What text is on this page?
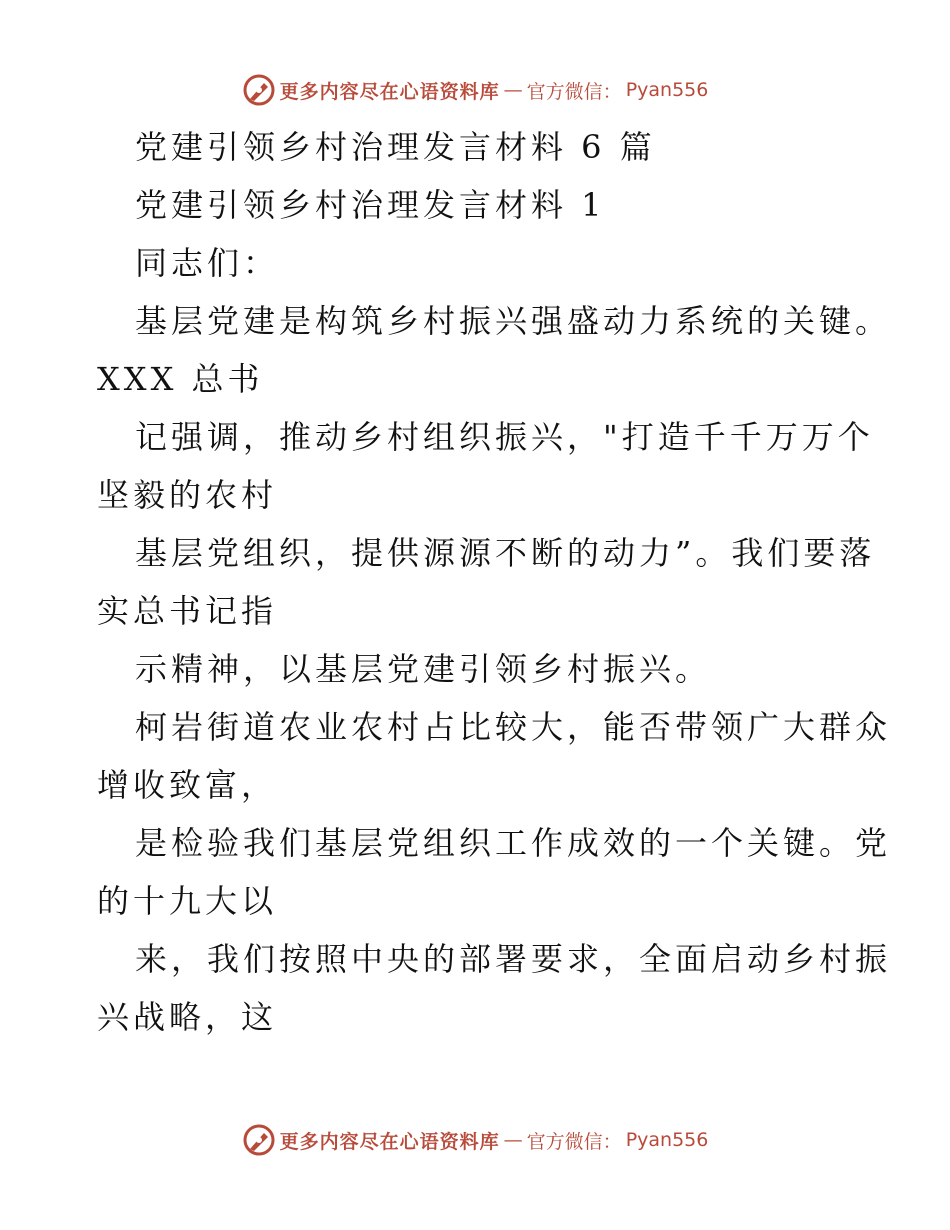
更多内容尽在心语资料库 — 官方微信： Pyan556
党建引领乡村治理发言材料 6 篇
党建引领乡村治理发言材料 1
同志们：
基层党建是构筑乡村振兴强盛动力系统的关键。
XXX 总书
记强调，推动乡村组织振兴，"打造千千万万个
坚毅的农村
基层党组织，提供源源不断的动力”。我们要落
实总书记指
示精神，以基层党建引领乡村振兴。
柯岩街道农业农村占比较大，能否带领广大群众
增收致富，
是检验我们基层党组织工作成效的一个关键。党
的十九大以
来，我们按照中央的部署要求，全面启动乡村振
兴战略，这
更多内容尽在心语资料库 — 官方微信： Pyan556
